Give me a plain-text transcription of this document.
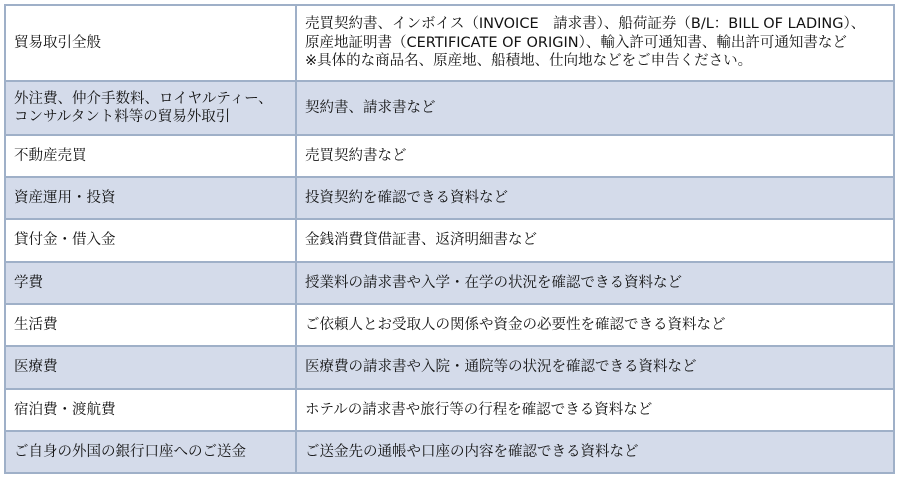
貿易取引全般	売買契約書、インボイス（INVOICE　請求書）、船荷証券（B/L：BILL OF LADING）、
原産地証明書（CERTIFICATE OF ORIGIN）、輸入許可通知書、輸出許可通知書など
※具体的な商品名、原産地、船積地、仕向地などをご申告ください。

外注費、仲介手数料、ロイヤルティー、
コンサルタント料等の貿易外取引	契約書、請求書など

不動産売買	売買契約書など

資産運用・投資	投資契約を確認できる資料など

貸付金・借入金	金銭消費貸借証書、返済明細書など

学費	授業料の請求書や入学・在学の状況を確認できる資料など

生活費	ご依頼人とお受取人の関係や資金の必要性を確認できる資料など

医療費	医療費の請求書や入院・通院等の状況を確認できる資料など

宿泊費・渡航費	ホテルの請求書や旅行等の行程を確認できる資料など

ご自身の外国の銀行口座へのご送金	ご送金先の通帳や口座の内容を確認できる資料など
